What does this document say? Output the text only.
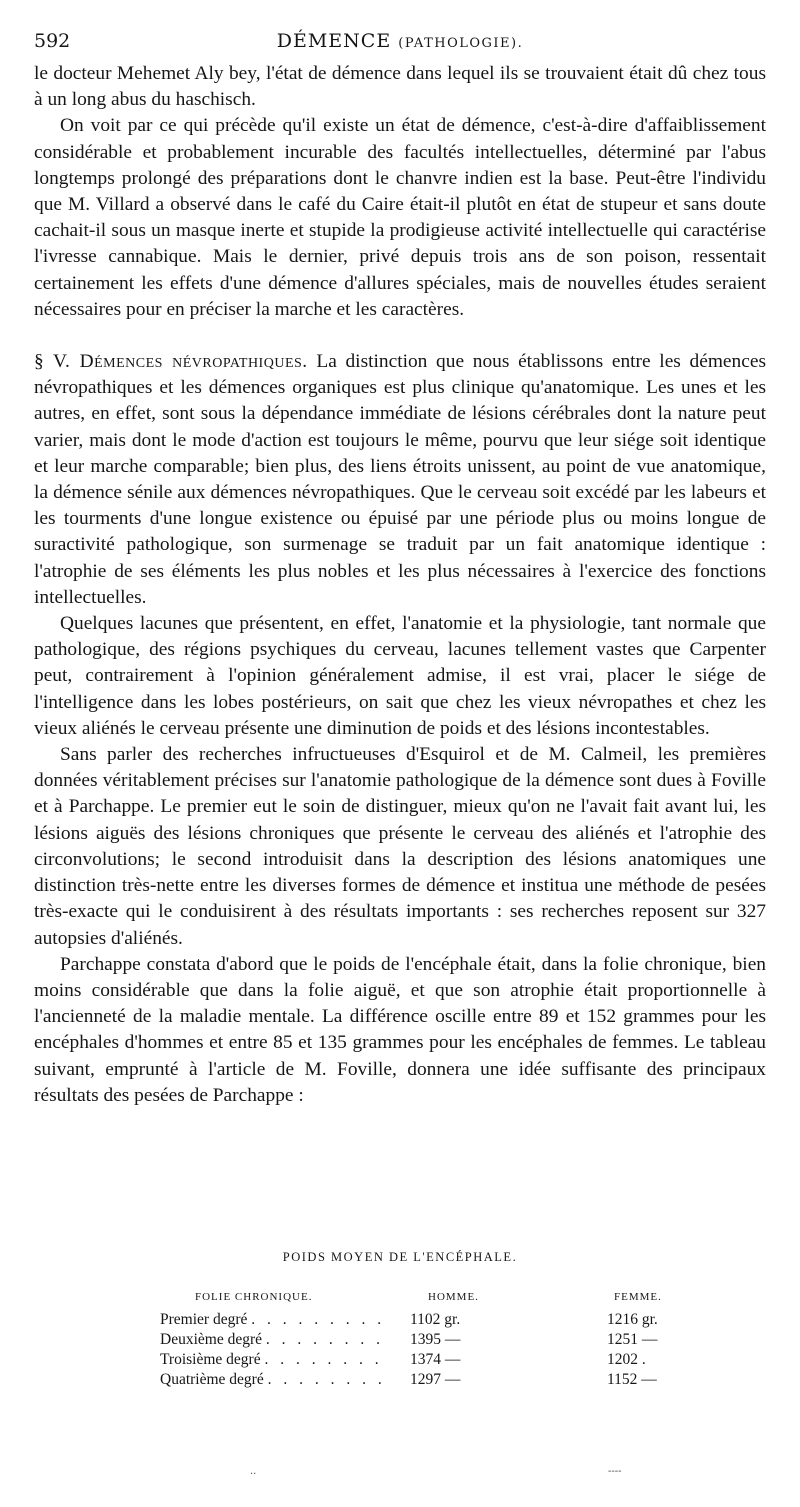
592	DÉMENCE (PATHOLOGIE).

le docteur Mehemet Aly bey, l'état de démence dans lequel ils se trouvaient était dû chez tous à un long abus du haschisch.

On voit par ce qui précède qu'il existe un état de démence, c'est-à-dire d'affaiblissement considérable et probablement incurable des facultés intellectuelles, déterminé par l'abus longtemps prolongé des préparations dont le chanvre indien est la base. Peut-être l'individu que M. Villard a observé dans le café du Caire était-il plutôt en état de stupeur et sans doute cachait-il sous un masque inerte et stupide la prodigieuse activité intellectuelle qui caractérise l'ivresse cannabique. Mais le dernier, privé depuis trois ans de son poison, ressentait certainement les effets d'une démence d'allures spéciales, mais de nouvelles études seraient nécessaires pour en préciser la marche et les caractères.

§ V. Démences névropathiques. La distinction que nous établissons entre les démences névropathiques et les démences organiques est plus clinique qu'anatomique. Les unes et les autres, en effet, sont sous la dépendance immédiate de lésions cérébrales dont la nature peut varier, mais dont le mode d'action est toujours le même, pourvu que leur siége soit identique et leur marche comparable; bien plus, des liens étroits unissent, au point de vue anatomique, la démence sénile aux démences névropathiques. Que le cerveau soit excédé par les labeurs et les tourments d'une longue existence ou épuisé par une période plus ou moins longue de suractivité pathologique, son surmenage se traduit par un fait anatomique identique : l'atrophie de ses éléments les plus nobles et les plus nécessaires à l'exercice des fonctions intellectuelles.

Quelques lacunes que présentent, en effet, l'anatomie et la physiologie, tant normale que pathologique, des régions psychiques du cerveau, lacunes tellement vastes que Carpenter peut, contrairement à l'opinion généralement admise, il est vrai, placer le siége de l'intelligence dans les lobes postérieurs, on sait que chez les vieux névropathes et chez les vieux aliénés le cerveau présente une diminution de poids et des lésions incontestables.

Sans parler des recherches infructueuses d'Esquirol et de M. Calmeil, les premières données véritablement précises sur l'anatomie pathologique de la démence sont dues à Foville et à Parchappe. Le premier eut le soin de distinguer, mieux qu'on ne l'avait fait avant lui, les lésions aiguës des lésions chroniques que présente le cerveau des aliénés et l'atrophie des circonvolutions; le second introduisit dans la description des lésions anatomiques une distinction très-nette entre les diverses formes de démence et institua une méthode de pesées très-exacte qui le conduisirent à des résultats importants : ses recherches reposent sur 327 autopsies d'aliénés.

Parchappe constata d'abord que le poids de l'encéphale était, dans la folie chronique, bien moins considérable que dans la folie aiguë, et que son atrophie était proportionnelle à l'ancienneté de la maladie mentale. La différence oscille entre 89 et 152 grammes pour les encéphales d'hommes et entre 85 et 135 grammes pour les encéphales de femmes. Le tableau suivant, emprunté à l'article de M. Foville, donnera une idée suffisante des principaux résultats des pesées de Parchappe :

POIDS MOYEN DE L'ENCÉPHALE.
FOLIE CHRONIQUE.	HOMME.	FEMME.
Premier degré . . . . . . . . . 1102 gr.	1216 gr.
Deuxième degré . . . . . . . . 1395 —	1251 —
Troisième degré . . . . . . . . 1374 —	1202 .
Quatrième degré . . . . . . . . 1297 —	1152 —
..	----
